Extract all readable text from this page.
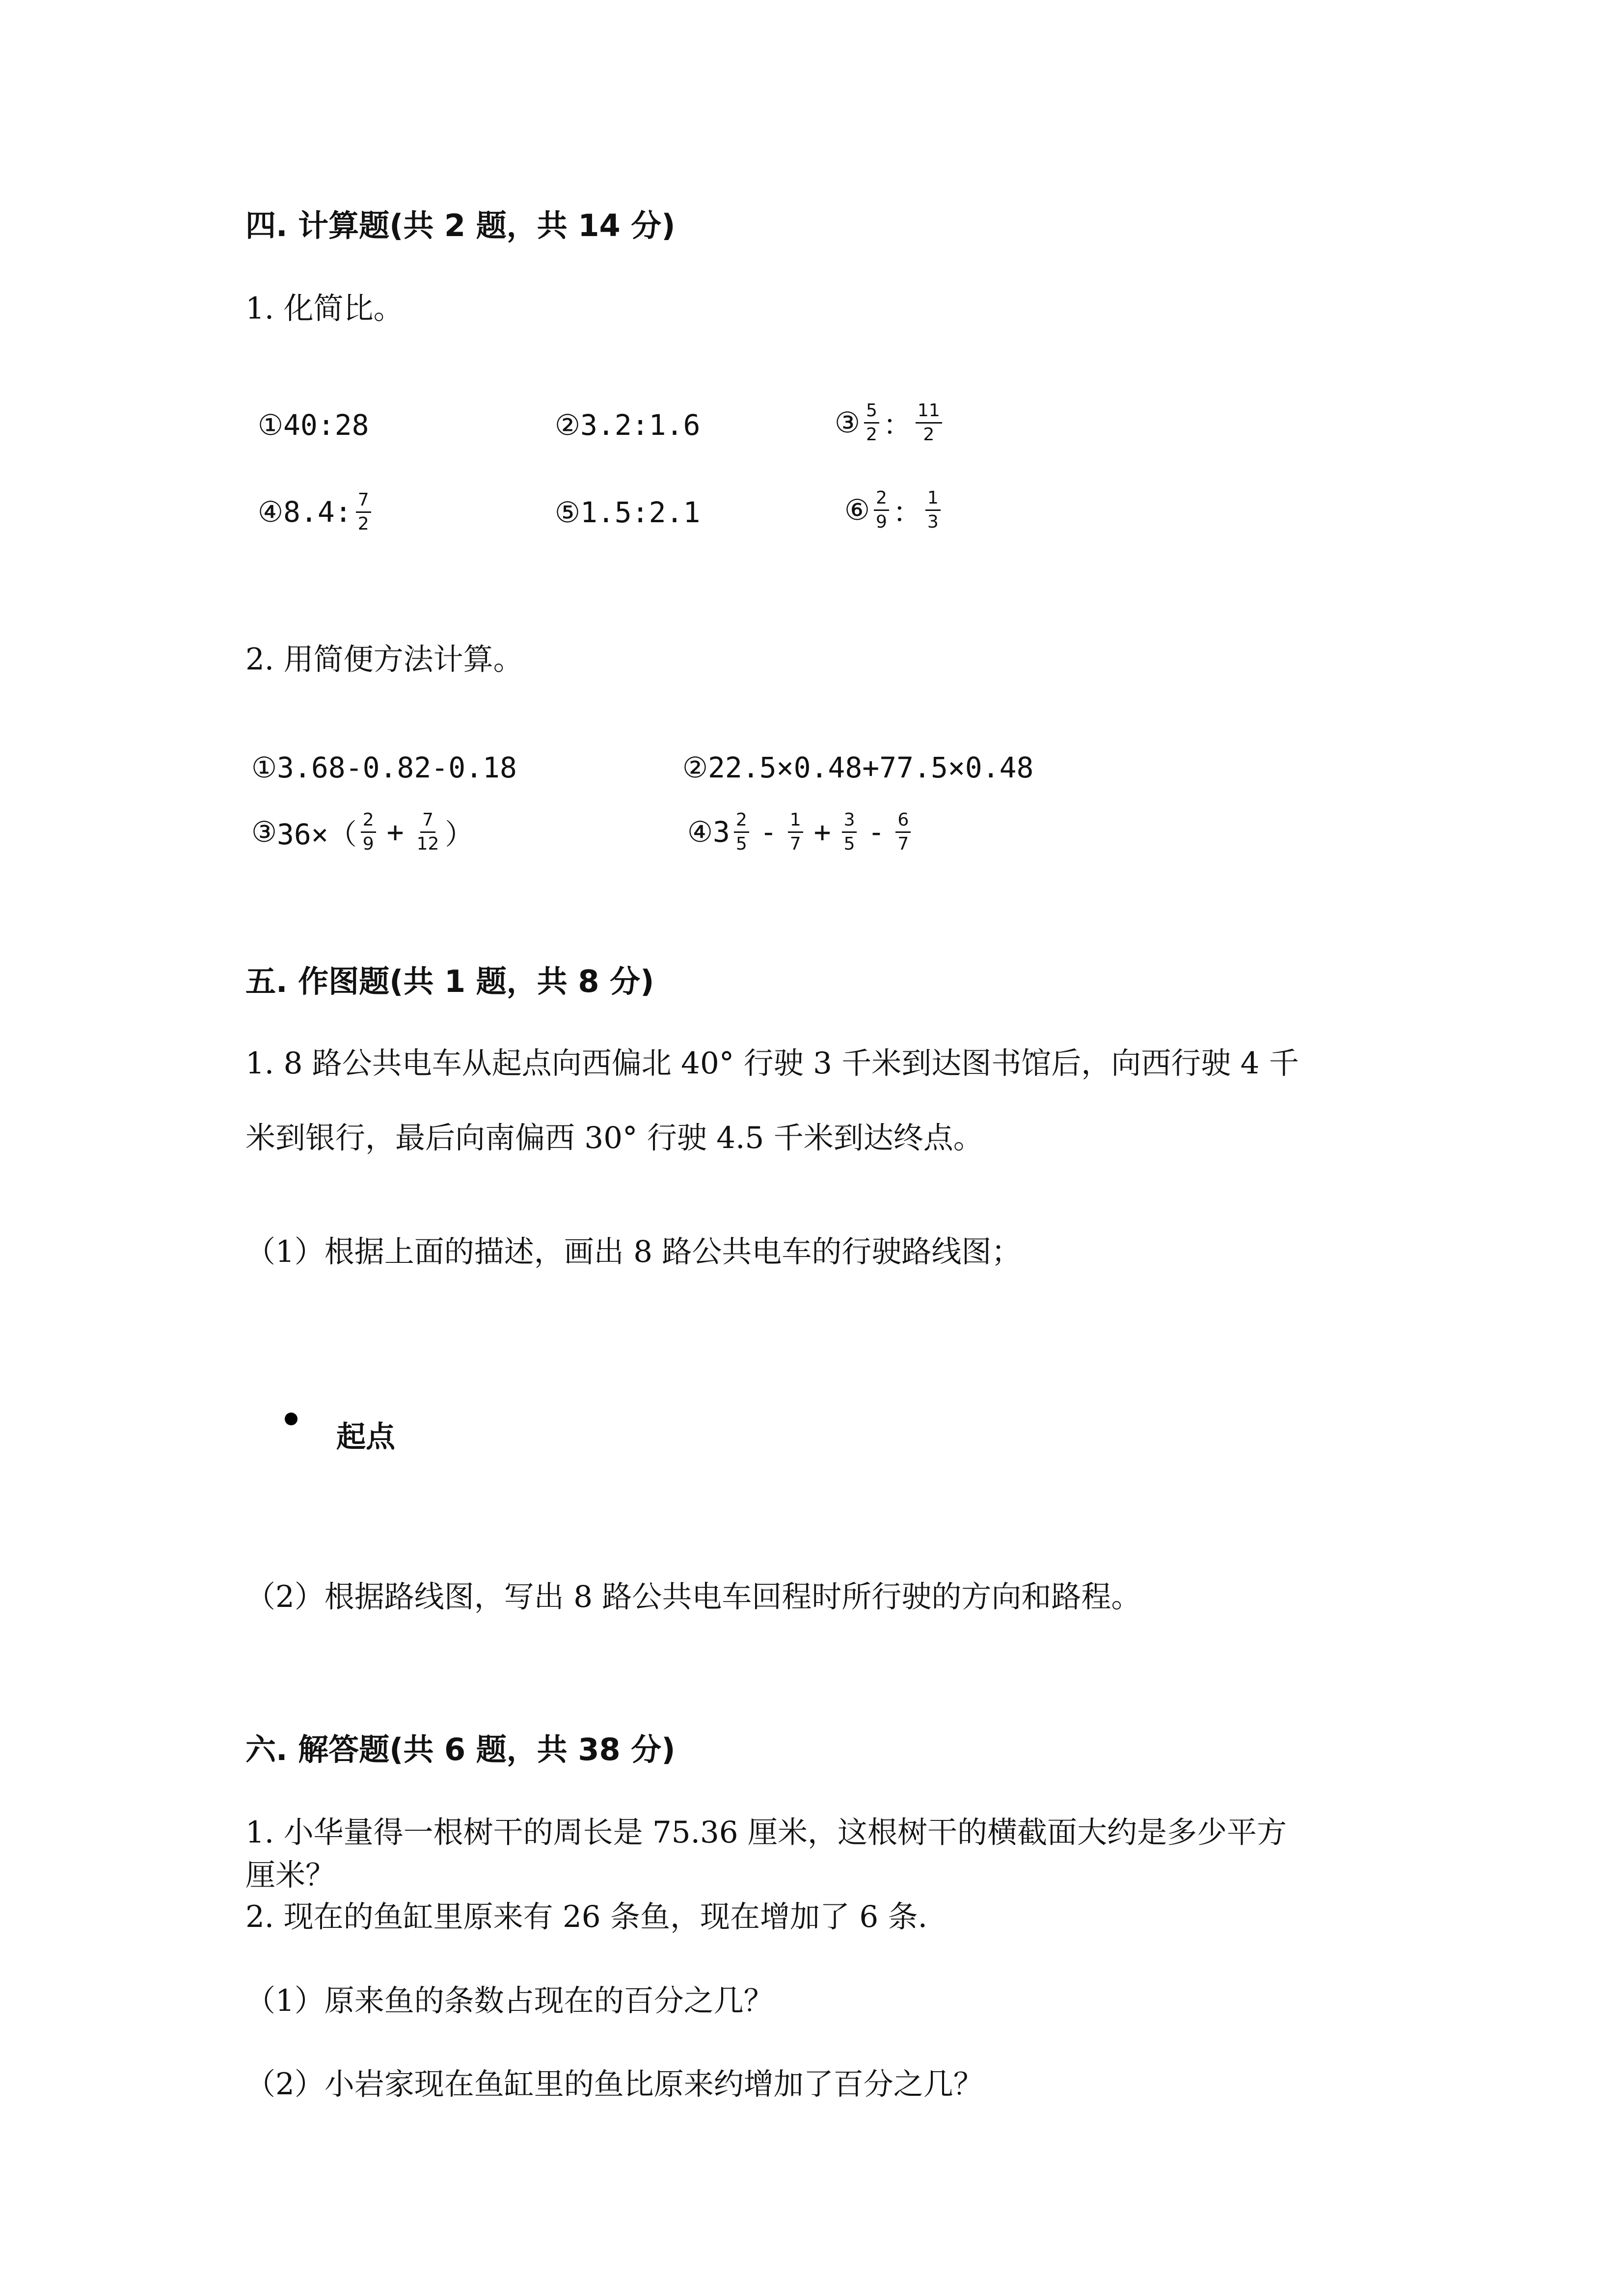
四. 计算题(共 2 题，共 14 分)
1. 化简比。
① 40:28	② 3.2:1.6	③ $\frac{5}{2}$ ： $\frac{11}{2}$
④ 8.4: $\frac{7}{2}$	⑤ 1.5:2.1	⑥ $\frac{2}{9}$ ： $\frac{1}{3}$
2. 用简便方法计算。
① 3.68-0.82-0.18	② 22.5×0.48+77.5×0.48
③ $36\times( \frac{2}{9} + \frac{7}{12}$ ）	④ $3 \frac{2}{5} - \frac{1}{7} + \frac{3}{5} - \frac{6}{7}$
五. 作图题(共 1 题，共 8 分)
1. 8 路公共电车从起点向西偏北 40° 行驶 3 千米到达图书馆后，向西行驶 4 千
米到银行，最后向南偏西 30° 行驶 4.5 千米到达终点。
（1）根据上面的描述，画出 8 路公共电车的行驶路线图；
起点
（2）根据路线图，写出 8 路公共电车回程时所行驶的方向和路程。
六. 解答题(共 6 题，共 38 分)
1. 小华量得一根树干的周长是 75.36 厘米，这根树干的横截面大约是多少平方
厘米？
2. 现在的鱼缸里原来有 26 条鱼，现在增加了 6 条.
（1）原来鱼的条数占现在的百分之几？
（2）小岩家现在鱼缸里的鱼比原来约增加了百分之几？
